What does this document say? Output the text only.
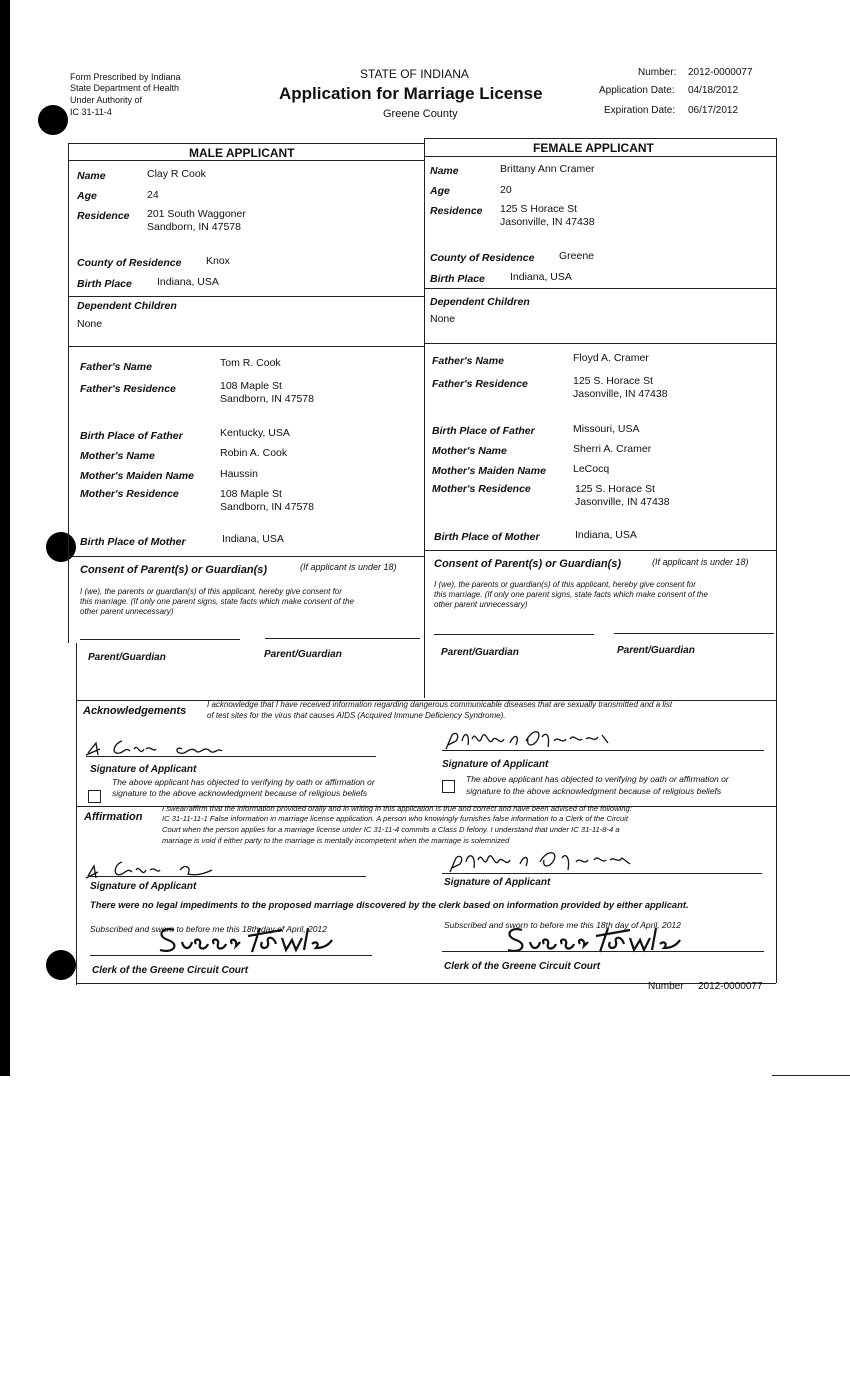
Form Prescribed by Indiana
State Department of Health
Under Authority of
IC 31-11-4
STATE OF INDIANA
Application for Marriage License
Greene County
Number: 2012-0000077
Application Date: 04/18/2012
Expiration Date: 06/17/2012
MALE APPLICANT	FEMALE APPLICANT
Name	Clay R Cook
Age	24
Residence 201 South Waggoner
Sandborn, IN 47578
County of Residence Knox
Birth Place Indiana, USA
Dependent Children
None
Father's Name	Tom R. Cook
Father's Residence	108 Maple St
Sandborn, IN 47578
Birth Place of Father	Kentucky, USA
Mother's Name	Robin A. Cook
Mother's Maiden Name Haussin
Mother's Residence	108 Maple St
Sandborn, IN 47578
Birth Place of Mother	Indiana, USA
Name	Brittany Ann Cramer
Age	20
Residence 125 S Horace St
Jasonville, IN 47438
County of Residence Greene
Birth Place Indiana, USA
Dependent Children
None
Father's Name	Floyd A. Cramer
Father's Residence	125 S. Horace St
Jasonville, IN 47438
Birth Place of Father	Missouri, USA
Mother's Name	Sherri A. Cramer
Mother's Maiden Name	LeCocq
Mother's Residence	125 S. Horace St
Jasonville, IN 47438
Birth Place of Mother	Indiana, USA
Consent of Parent(s) or Guardian(s)	(If applicant is under 18)
I (we), the parents or guardian(s) of this applicant, hereby give consent for
this marriage. (If only one parent signs, state facts which make consent of the
other parent unnecessary)
Parent/Guardian	Parent/Guardian
Consent of Parent(s) or Guardian(s)	(If applicant is under 18)
I (we), the parents or guardian(s) of this applicant, hereby give consent for
this marriage. (If only one parent signs, state facts which make consent of the
other parent unnecessary)
Parent/Guardian	Parent/Guardian
Acknowledgements
I acknowledge that I have received information regarding dangerous communicable diseases that are sexually transmitted and a list
of test sites for the virus that causes AIDS (Acquired Immune Deficiency Syndrome).
Signature of Applicant
The above applicant has objected to verifying by oath or affirmation or
signature to the above acknowledgment because of religious beliefs
Signature of Applicant
The above applicant has objected to verifying by oath or affirmation or
signature to the above acknowledgment because of religious beliefs
Affirmation
I swear/affirm that the information provided orally and in writing in this application is true and correct and have been advised of the following:
IC 31-11-11-1 False information in marriage license application. A person who knowingly furnishes false information to a Clerk of the Circuit
Court when the person applies for a marriage license under IC 31-11-4 commits a Class D felony. I understand that under IC 31-11-8-4 a
marriage is void if either party to the marriage is mentally incompetent when the marriage is solemnized
Signature of Applicant	Signature of Applicant
There were no legal impediments to the proposed marriage discovered by the clerk based on information provided by either applicant.
Subscribed and sworn to before me this 18th day of April, 2012	Subscribed and sworn to before me this 18th day of April, 2012
Clerk of the Greene Circuit Court	Clerk of the Greene Circuit Court
Number 2012-0000077
